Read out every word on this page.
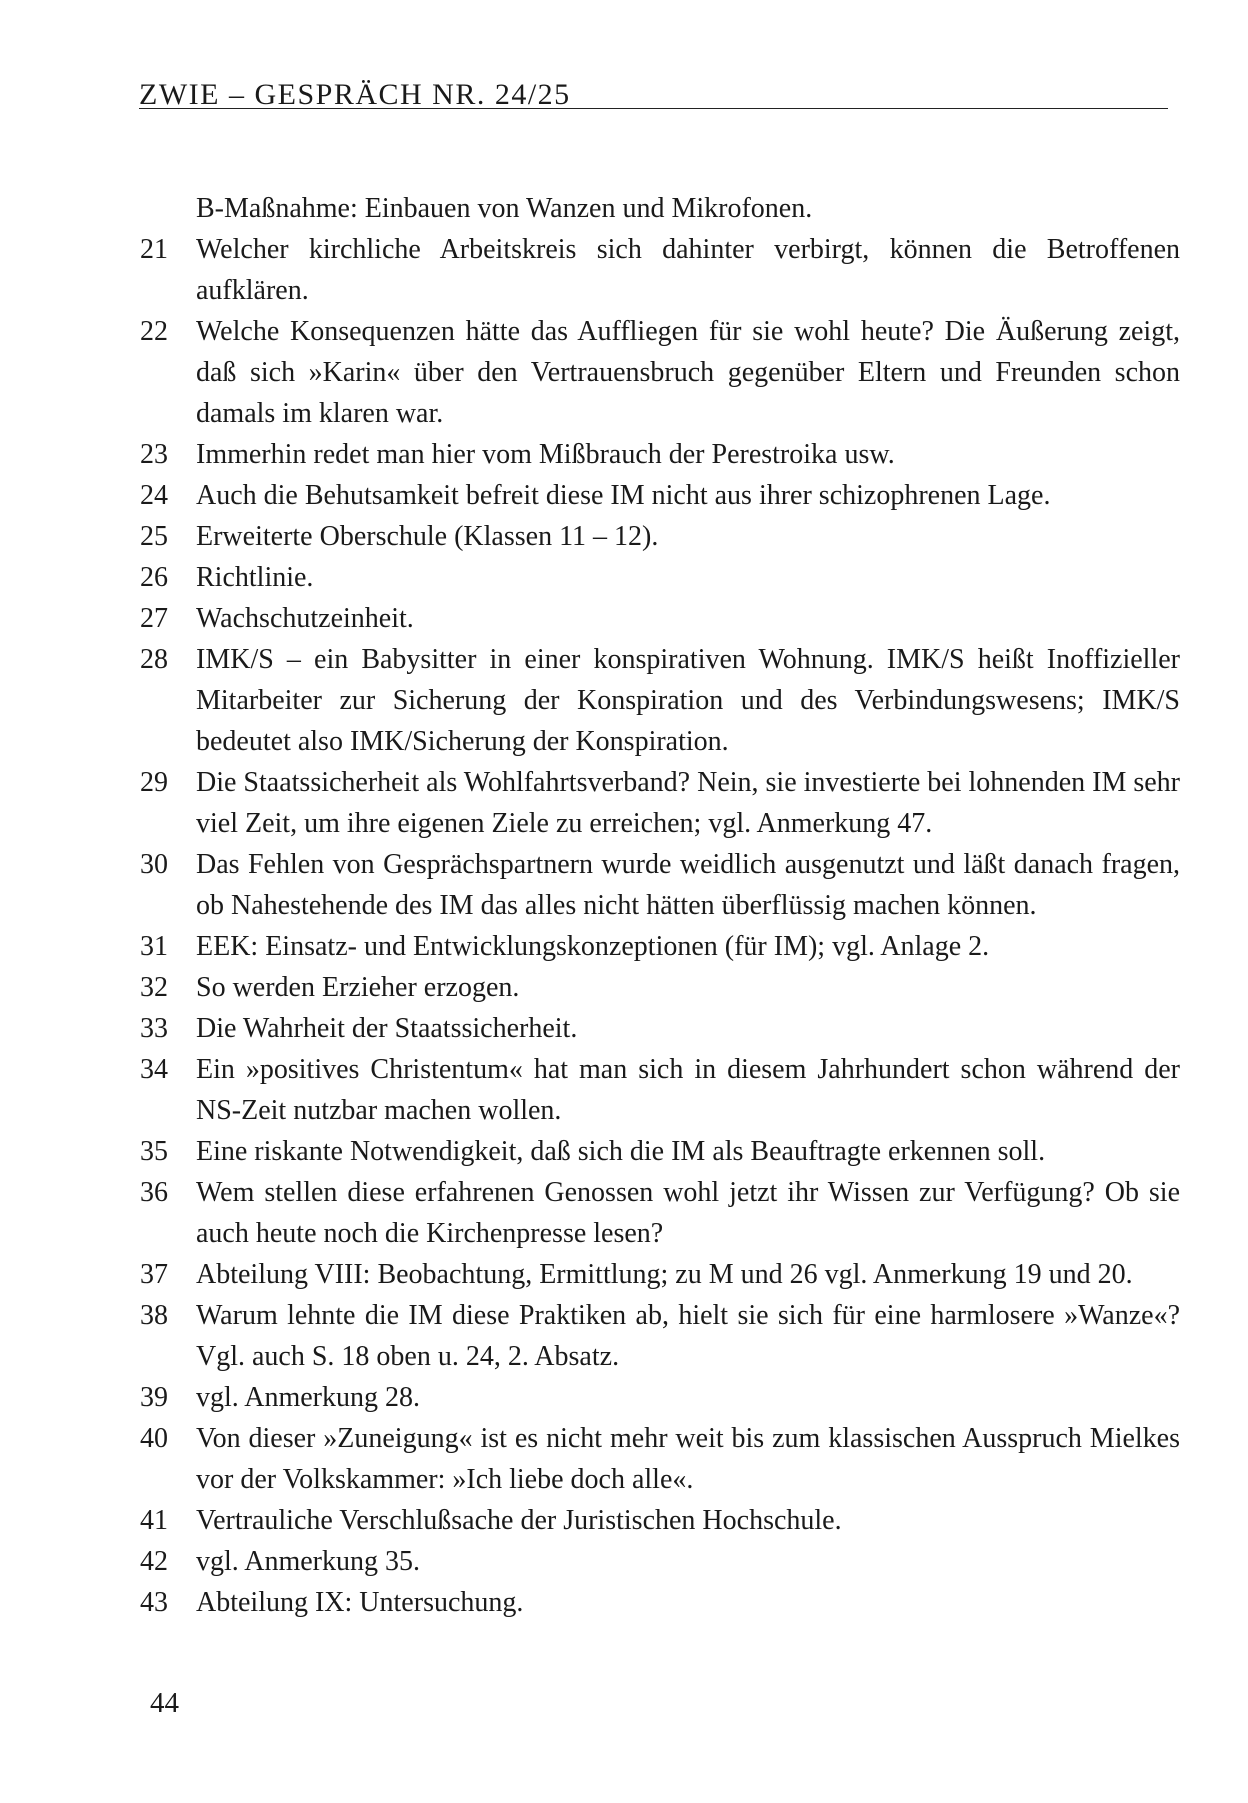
ZWIE – GESPRÄCH NR. 24/25
B-Maßnahme: Einbauen von Wanzen und Mikrofonen.
21	Welcher kirchliche Arbeitskreis sich dahinter verbirgt, können die Betroffenen aufklären.
22	Welche Konsequenzen hätte das Auffliegen für sie wohl heute? Die Äußerung zeigt, daß sich »Karin« über den Vertrauensbruch gegenüber Eltern und Freunden schon damals im klaren war.
23	Immerhin redet man hier vom Mißbrauch der Perestroika usw.
24	Auch die Behutsamkeit befreit diese IM nicht aus ihrer schizophrenen Lage.
25	Erweiterte Oberschule (Klassen 11 – 12).
26	Richtlinie.
27	Wachschutzeinheit.
28	IMK/S – ein Babysitter in einer konspirativen Wohnung. IMK/S heißt Inoffizieller Mitarbeiter zur Sicherung der Konspiration und des Verbindungswesens; IMK/S bedeutet also IMK/Sicherung der Konspiration.
29	Die Staatssicherheit als Wohlfahrtsverband? Nein, sie investierte bei lohnenden IM sehr viel Zeit, um ihre eigenen Ziele zu erreichen; vgl. Anmerkung 47.
30	Das Fehlen von Gesprächspartnern wurde weidlich ausgenutzt und läßt danach fragen, ob Nahestehende des IM das alles nicht hätten überflüssig machen können.
31	EEK: Einsatz- und Entwicklungskonzeptionen (für IM); vgl. Anlage 2.
32	So werden Erzieher erzogen.
33	Die Wahrheit der Staatssicherheit.
34	Ein »positives Christentum« hat man sich in diesem Jahrhundert schon während der NS-Zeit nutzbar machen wollen.
35	Eine riskante Notwendigkeit, daß sich die IM als Beauftragte erkennen soll.
36	Wem stellen diese erfahrenen Genossen wohl jetzt ihr Wissen zur Verfügung? Ob sie auch heute noch die Kirchenpresse lesen?
37	Abteilung VIII: Beobachtung, Ermittlung; zu M und 26 vgl. Anmerkung 19 und 20.
38	Warum lehnte die IM diese Praktiken ab, hielt sie sich für eine harmlosere »Wanze«? Vgl. auch S. 18 oben u. 24, 2. Absatz.
39	vgl. Anmerkung 28.
40	Von dieser »Zuneigung« ist es nicht mehr weit bis zum klassischen Ausspruch Mielkes vor der Volkskammer: »Ich liebe doch alle«.
41	Vertrauliche Verschlußsache der Juristischen Hochschule.
42	vgl. Anmerkung 35.
43	Abteilung IX: Untersuchung.
44
